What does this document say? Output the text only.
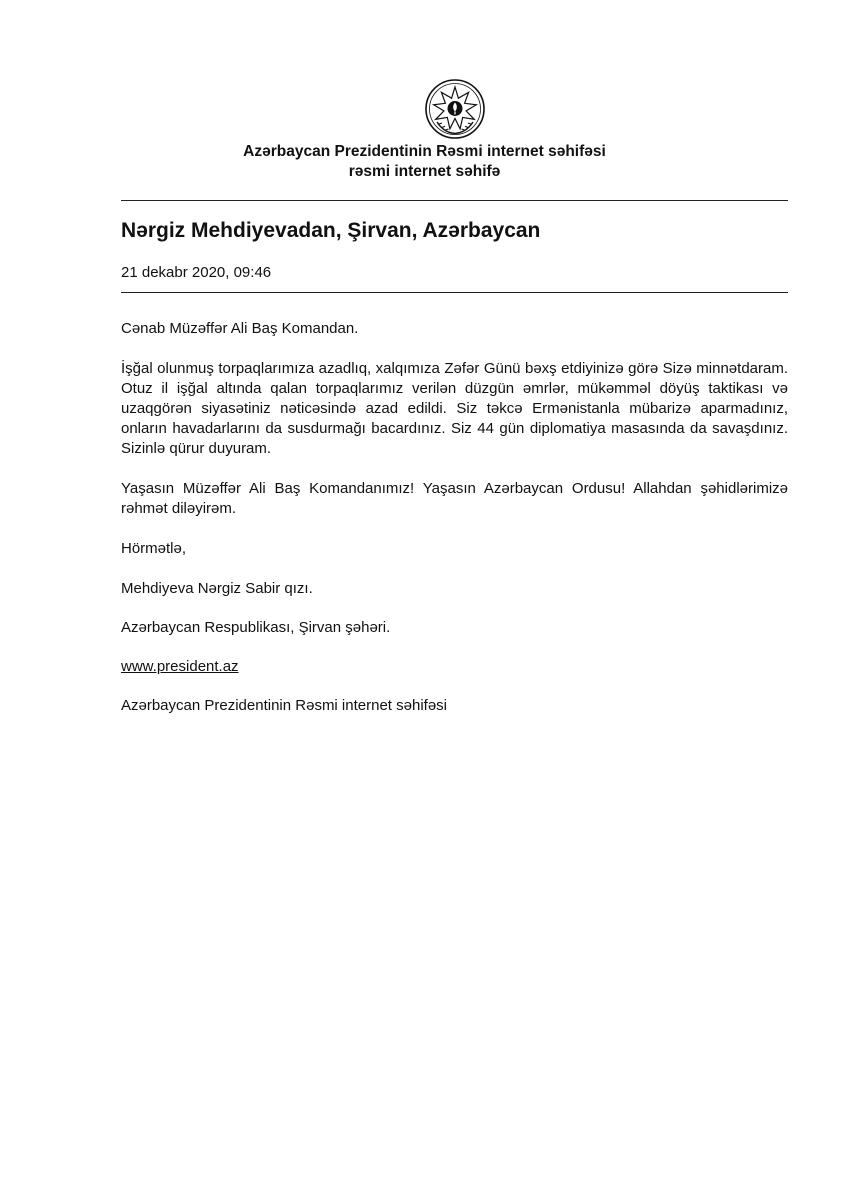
Azərbaycan Prezidentinin Rəsmi internet səhifəsi
rəsmi internet səhifə
Nərgiz Mehdiyevadan, Şirvan, Azərbaycan
21 dekabr 2020, 09:46
Cənab Müzəffər Ali Baş Komandan.
İşğal olunmuş torpaqlarımıza azadlıq, xalqımıza Zəfər Günü bəxş etdiyinizə görə Sizə minnətdaram. Otuz il işğal altında qalan torpaqlarımız verilən düzgün əmrlər, mükəmməl döyüş taktikası və uzaqgörən siyasətiniz nəticəsində azad edildi. Siz təkcə Ermənistanla mübarizə aparmadınız, onların havadarlarını da susdurmağı bacardınız. Siz 44 gün diplomatiya masasında da savaşdınız. Sizinlə qürur duyuram.
Yaşasın Müzəffər Ali Baş Komandanımız! Yaşasın Azərbaycan Ordusu! Allahdan şəhidlərimizə rəhmət diləyirəm.
Hörmətlə,
Mehdiyeva Nərgiz Sabir qızı.
Azərbaycan Respublikası, Şirvan şəhəri.
www.president.az
Azərbaycan Prezidentinin Rəsmi internet səhifəsi
